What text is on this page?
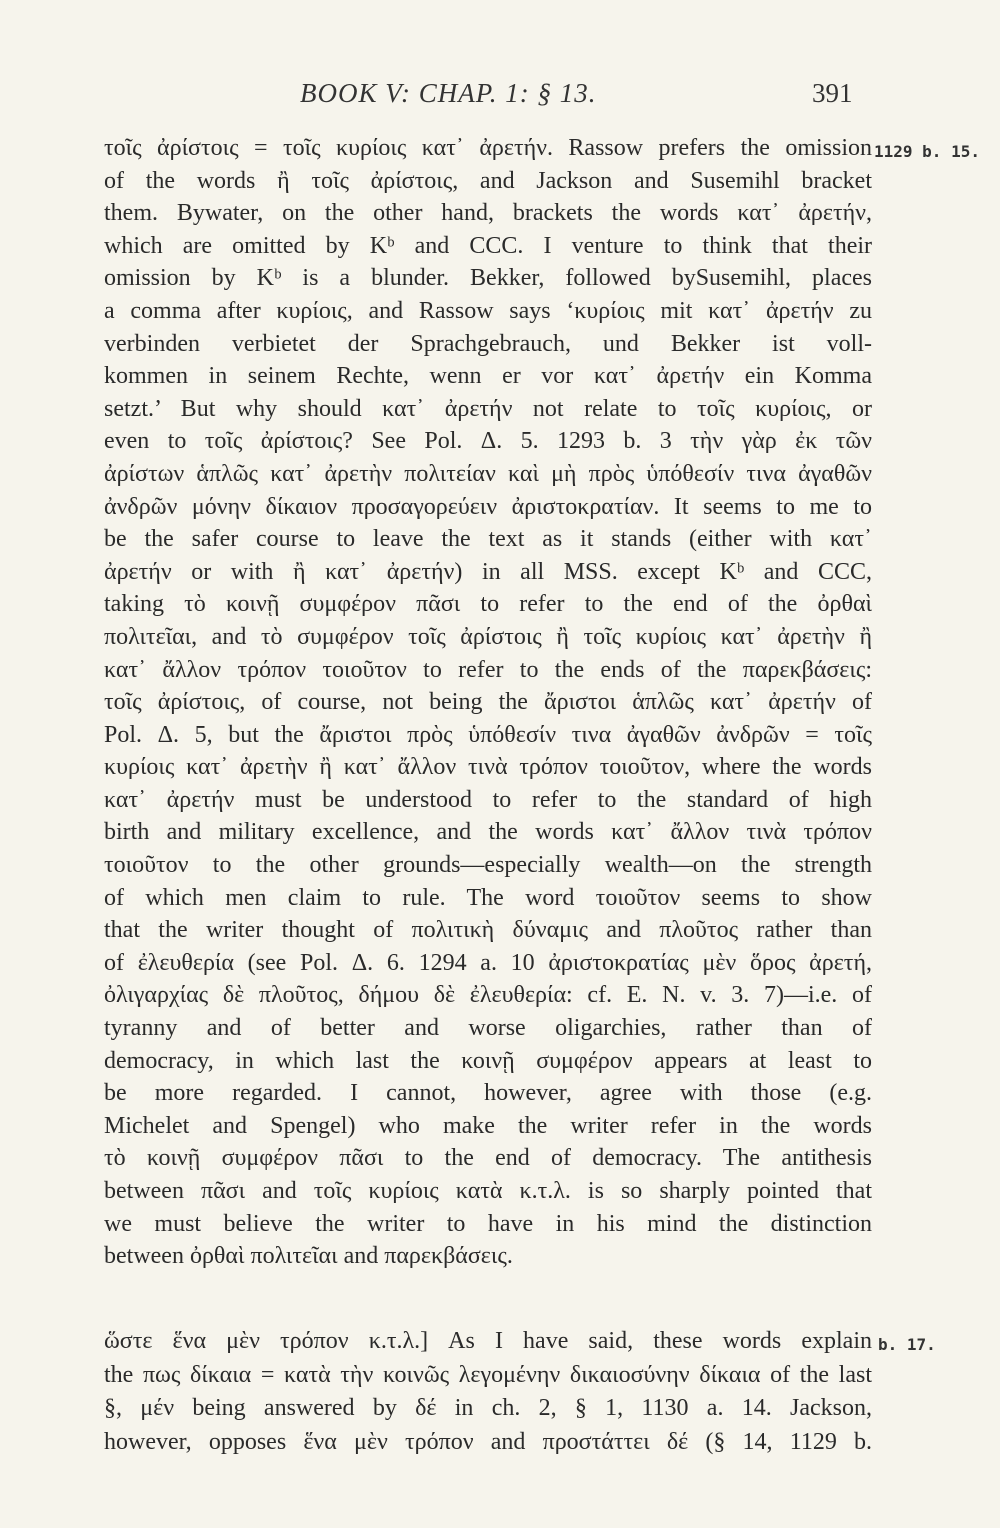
BOOK V: CHAP. 1: § 13.	391
τοῖς ἀρίστοις = τοῖς κυρίοις κατ᾽ ἀρετήν. Rassow prefers the omission
of the words ἢ τοῖς ἀρίστοις, and Jackson and Susemihl bracket
them. Bywater, on the other hand, brackets the words κατ᾽ ἀρετήν,
which are omitted by Kᵇ and CCC. I venture to think that their
omission by Kᵇ is a blunder. Bekker, followed bySusemihl, places
a comma after κυρίοις, and Rassow says ‘κυρίοις mit κατ᾽ ἀρετήν zu
verbinden verbietet der Sprachgebrauch, und Bekker ist voll-
kommen in seinem Rechte, wenn er vor κατ᾽ ἀρετήν ein Komma
setzt.’ But why should κατ᾽ ἀρετήν not relate to τοῖς κυρίοις, or
even to τοῖς ἀρίστοις? See Pol. Δ. 5. 1293 b. 3 τὴν γὰρ ἐκ τῶν
ἀρίστων ἁπλῶς κατ᾽ ἀρετὴν πολιτείαν καὶ μὴ πρὸς ὑπόθεσίν τινα ἀγαθῶν
ἀνδρῶν μόνην δίκαιον προσαγορεύειν ἀριστοκρατίαν. It seems to me to
be the safer course to leave the text as it stands (either with κατ᾽
ἀρετήν or with ἢ κατ᾽ ἀρετήν) in all MSS. except Kᵇ and CCC,
taking τὸ κοινῇ συμφέρον πᾶσι to refer to the end of the ὀρθαὶ
πολιτεῖαι, and τὸ συμφέρον τοῖς ἀρίστοις ἢ τοῖς κυρίοις κατ᾽ ἀρετὴν ἢ
κατ᾽ ἄλλον τρόπον τοιοῦτον to refer to the ends of the παρεκβάσεις:
τοῖς ἀρίστοις, of course, not being the ἄριστοι ἁπλῶς κατ᾽ ἀρετήν of
Pol. Δ. 5, but the ἄριστοι πρὸς ὑπόθεσίν τινα ἀγαθῶν ἀνδρῶν = τοῖς
κυρίοις κατ᾽ ἀρετὴν ἢ κατ᾽ ἄλλον τινὰ τρόπον τοιοῦτον, where the words
κατ᾽ ἀρετήν must be understood to refer to the standard of high
birth and military excellence, and the words κατ᾽ ἄλλον τινὰ τρόπον
τοιοῦτον to the other grounds—especially wealth—on the strength
of which men claim to rule. The word τοιοῦτον seems to show
that the writer thought of πολιτικὴ δύναμις and πλοῦτος rather than
of ἐλευθερία (see Pol. Δ. 6. 1294 a. 10 ἀριστοκρατίας μὲν ὅρος ἀρετή,
ὀλιγαρχίας δὲ πλοῦτος, δήμου δὲ ἐλευθερία: cf. E. N. v. 3. 7)—i.e. of
tyranny and of better and worse oligarchies, rather than of
democracy, in which last the κοινῇ συμφέρον appears at least to
be more regarded. I cannot, however, agree with those (e.g.
Michelet and Spengel) who make the writer refer in the words
τὸ κοινῇ συμφέρον πᾶσι to the end of democracy. The antithesis
between πᾶσι and τοῖς κυρίοις κατὰ κ.τ.λ. is so sharply pointed that
we must believe the writer to have in his mind the distinction
between ὀρθαὶ πολιτεῖαι and παρεκβάσεις.
ὥστε ἕνα μὲν τρόπον κ.τ.λ.] As I have said, these words explain
the πως δίκαια = κατὰ τὴν κοινῶς λεγομένην δικαιοσύνην δίκαια of the last
§, μέν being answered by δέ in ch. 2, § 1, 1130 a. 14. Jackson,
however, opposes ἕνα μὲν τρόπον and προστάττει δέ (§ 14, 1129 b.
1129 b. 15.
b. 17.
